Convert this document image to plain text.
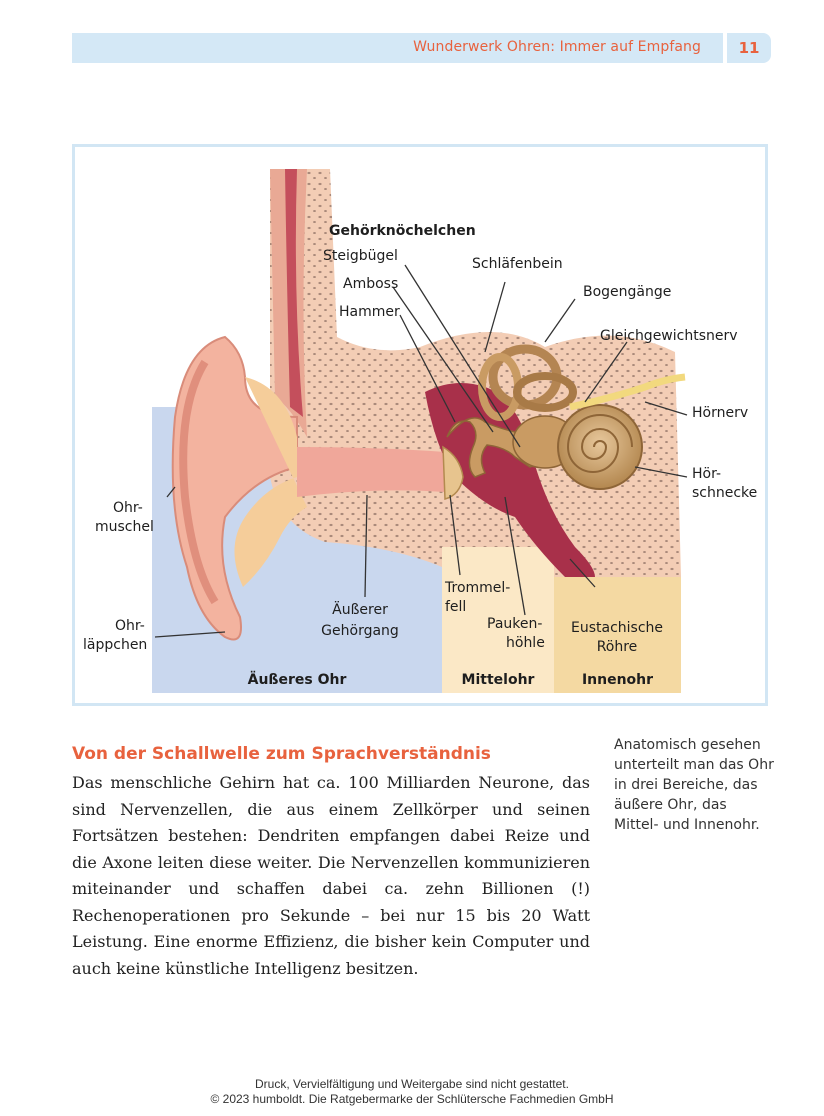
Wunderwerk Ohren: Immer auf Empfang	11
Gehörknöchelchen
Steigbügel
Amboss
Hammer
Schläfenbein
Bogengänge
Gleichgewichtsnerv
Hörnerv
Hör-
schnecke
Ohr-
muschel
Ohr-
läppchen
Äußerer
Gehörgang
Trommel-
fell
Pauken-
höhle
Eustachische
Röhre
Äußeres Ohr	Mittelohr	Innenohr
Von der Schallwelle zum Sprachverständnis

Das menschliche Gehirn hat ca. 100 Milliarden Neurone, das sind Nervenzellen, die aus einem Zellkörper und seinen Fortsätzen bestehen: Dendriten empfangen dabei Reize und die Axone leiten diese weiter. Die Nervenzellen kommunizieren miteinander und schaffen dabei ca. zehn Billionen (!) Rechenoperationen pro Sekunde – bei nur 15 bis 20 Watt Leistung. Eine enorme Effizienz, die bisher kein Computer und auch keine künstliche Intelligenz besitzen.

Anatomisch gesehen unterteilt man das Ohr in drei Bereiche, das äußere Ohr, das Mittel- und Innenohr.
Druck, Vervielfältigung und Weitergabe sind nicht gestattet.
© 2023 humboldt. Die Ratgebermarke der Schlütersche Fachmedien GmbH
